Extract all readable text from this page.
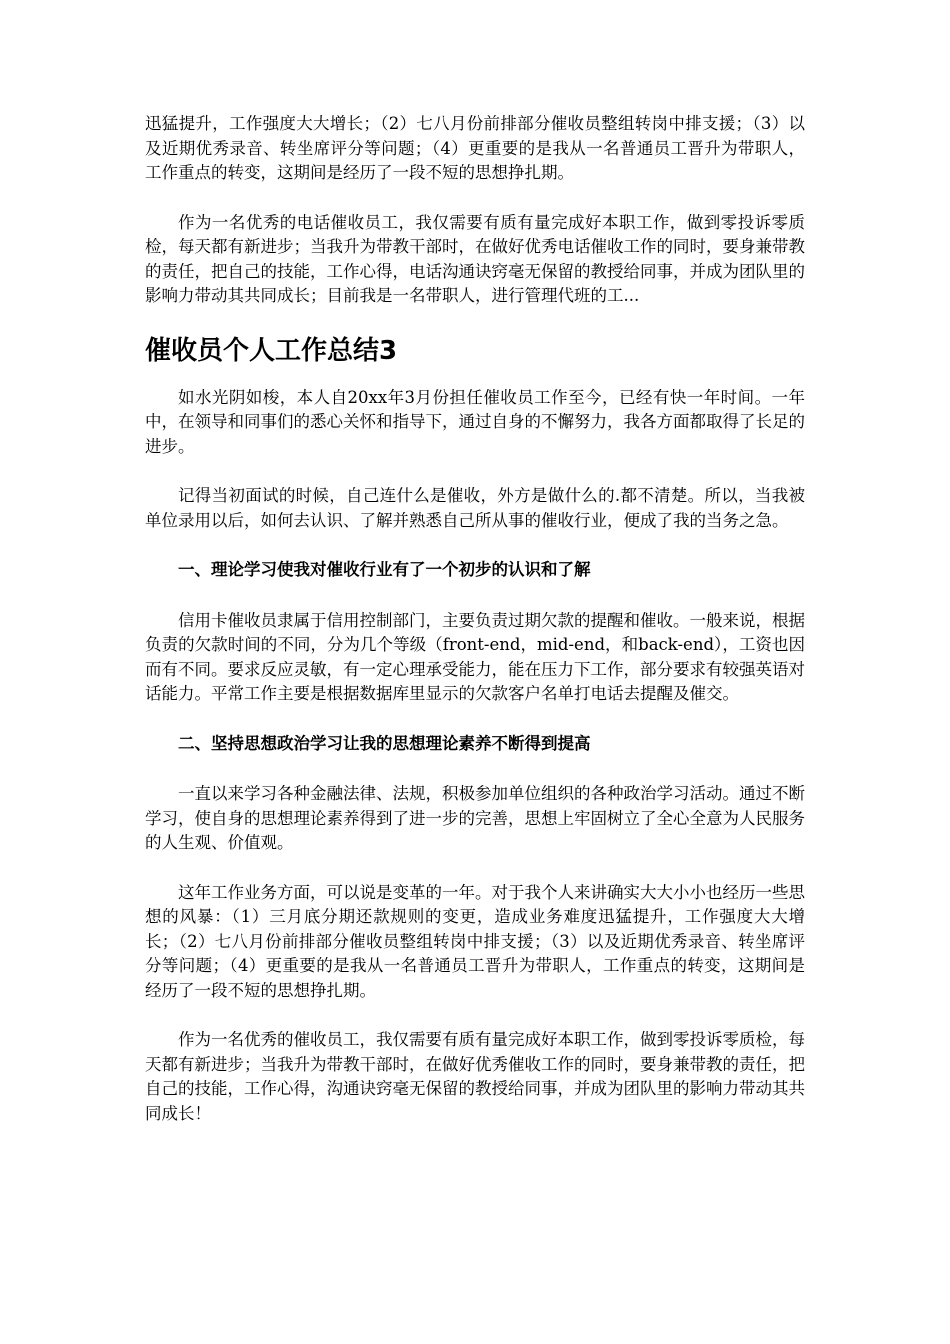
迅猛提升，工作强度大大增长；（2）七八月份前排部分催收员整组转岗中排支援；（3）以及近期优秀录音、转坐席评分等问题；（4）更重要的是我从一名普通员工晋升为带职人，工作重点的转变，这期间是经历了一段不短的思想挣扎期。

作为一名优秀的电话催收员工，我仅需要有质有量完成好本职工作，做到零投诉零质检，每天都有新进步；当我升为带教干部时，在做好优秀电话催收工作的同时，要身兼带教的责任，把自己的技能，工作心得，电话沟通诀窍毫无保留的教授给同事，并成为团队里的影响力带动其共同成长；目前我是一名带职人，进行管理代班的工...

催收员个人工作总结3

如水光阴如梭，本人自20xx年3月份担任催收员工作至今，已经有快一年时间。一年中，在领导和同事们的悉心关怀和指导下，通过自身的不懈努力，我各方面都取得了长足的进步。

记得当初面试的时候，自己连什么是催收，外方是做什么的.都不清楚。所以，当我被单位录用以后，如何去认识、了解并熟悉自己所从事的催收行业，便成了我的当务之急。

一、理论学习使我对催收行业有了一个初步的认识和了解

信用卡催收员隶属于信用控制部门，主要负责过期欠款的提醒和催收。一般来说，根据负责的欠款时间的不同，分为几个等级（front-end，mid-end，和back-end），工资也因而有不同。要求反应灵敏，有一定心理承受能力，能在压力下工作，部分要求有较强英语对话能力。平常工作主要是根据数据库里显示的欠款客户名单打电话去提醒及催交。

二、坚持思想政治学习让我的思想理论素养不断得到提高

一直以来学习各种金融法律、法规，积极参加单位组织的各种政治学习活动。通过不断学习，使自身的思想理论素养得到了进一步的完善，思想上牢固树立了全心全意为人民服务的人生观、价值观。

这年工作业务方面，可以说是变革的一年。对于我个人来讲确实大大小小也经历一些思想的风暴：（1）三月底分期还款规则的变更，造成业务难度迅猛提升，工作强度大大增长；（2）七八月份前排部分催收员整组转岗中排支援；（3）以及近期优秀录音、转坐席评分等问题；（4）更重要的是我从一名普通员工晋升为带职人，工作重点的转变，这期间是经历了一段不短的思想挣扎期。

作为一名优秀的催收员工，我仅需要有质有量完成好本职工作，做到零投诉零质检，每天都有新进步；当我升为带教干部时，在做好优秀催收工作的同时，要身兼带教的责任，把自己的技能，工作心得，沟通诀窍毫无保留的教授给同事，并成为团队里的影响力带动其共同成长！
